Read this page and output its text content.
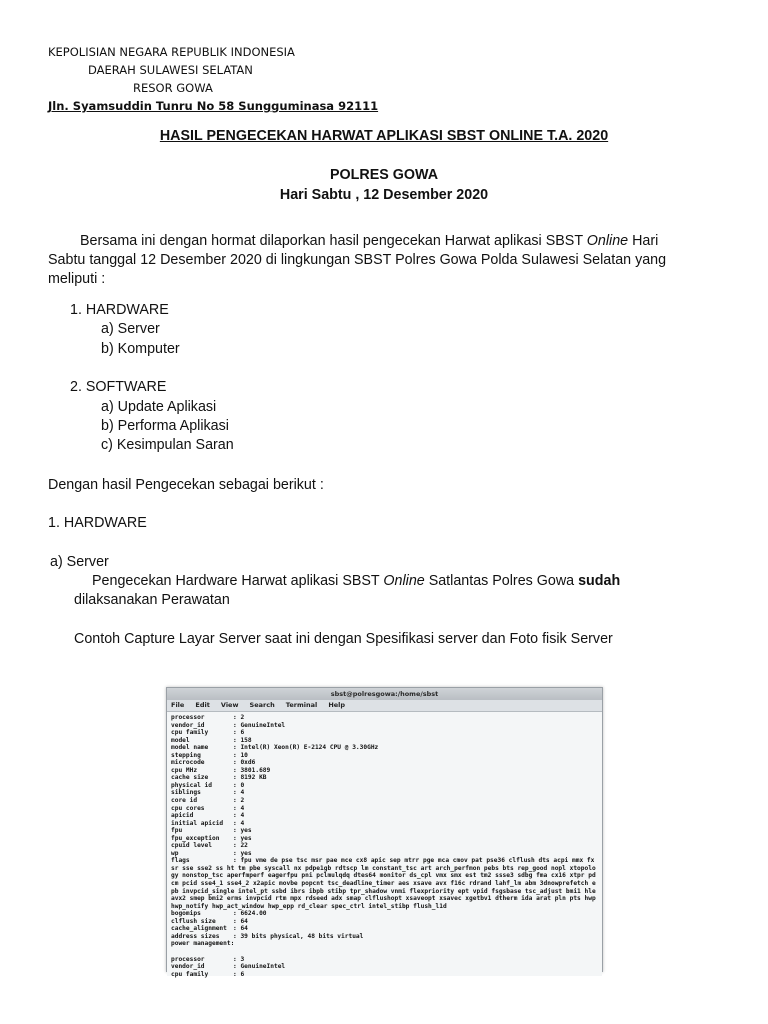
KEPOLISIAN NEGARA REPUBLIK INDONESIA
DAERAH SULAWESI SELATAN
RESOR GOWA
Jln. Syamsuddin Tunru No 58 Sungguminasa 92111
HASIL PENGECEKAN HARWAT APLIKASI SBST ONLINE T.A. 2020
POLRES GOWA
Hari Sabtu , 12 Desember 2020
Bersama ini dengan hormat dilaporkan hasil pengecekan Harwat aplikasi SBST Online Hari
Sabtu tanggal 12 Desember 2020 di lingkungan SBST Polres Gowa Polda Sulawesi Selatan yang
meliputi :
1. HARDWARE
a) Server
b) Komputer
2. SOFTWARE
a) Update Aplikasi
b) Performa Aplikasi
c) Kesimpulan Saran
Dengan hasil Pengecekan sebagai berikut :
1. HARDWARE
a) Server
Pengecekan Hardware Harwat aplikasi SBST Online Satlantas Polres Gowa sudah
dilaksanakan Perawatan
Contoh Capture Layar Server saat ini dengan Spesifikasi server dan Foto fisik Server
sbst@polresgowa:/home/sbst
File Edit View Search Terminal Help
processor	: 2
vendor_id	: GenuineIntel
cpu family	: 6
model	: 158
model name	: Intel(R) Xeon(R) E-2124 CPU @ 3.30GHz
stepping	: 10
microcode	: 0xd6
cpu MHz	: 3801.689
cache size	: 8192 KB
physical id	: 0
siblings	: 4
core id	: 2
cpu cores	: 4
apicid	: 4
initial apicid : 4
fpu	: yes
fpu_exception : yes
cpuid level	: 22
wp	: yes
flags	: fpu vme de pse tsc msr pae mce cx8 apic sep mtrr pge mca cmov pat pse36 clflush dts acpi mmx fxsr sse sse2 ss ht tm pbe syscall nx pdpe1gb rdtscp lm constant_tsc art arch_perfmon pebs bts rep_good nopl xtopology nonstop_tsc aperfmperf eagerfpu pni pclmulqdq dtes64 monitor ds_cpl vmx smx est tm2 ssse3 sdbg fma cx16 xtpr pdcm pcid sse4_1 sse4_2 x2apic movbe popcnt tsc_deadline_timer aes xsave avx f16c rdrand lahf_lm abm 3dnowprefetch epb invpcid_single intel_pt ssbd ibrs ibpb stibp tpr_shadow vnmi flexpriority ept vpid fsgsbase tsc_adjust bmi1 hle avx2 smep bmi2 erms invpcid rtm mpx rdseed adx smap clflushopt xsaveopt xsavec xgetbv1 dtherm ida arat pln pts hwp hwp_notify hwp_act_window hwp_epp rd_clear spec_ctrl intel_stibp flush_l1d
bogomips	: 6624.00
clflush size	: 64
cache_alignment : 64
address sizes : 39 bits physical, 48 bits virtual
power management:
processor	: 3
vendor_id	: GenuineIntel
cpu family	: 6
